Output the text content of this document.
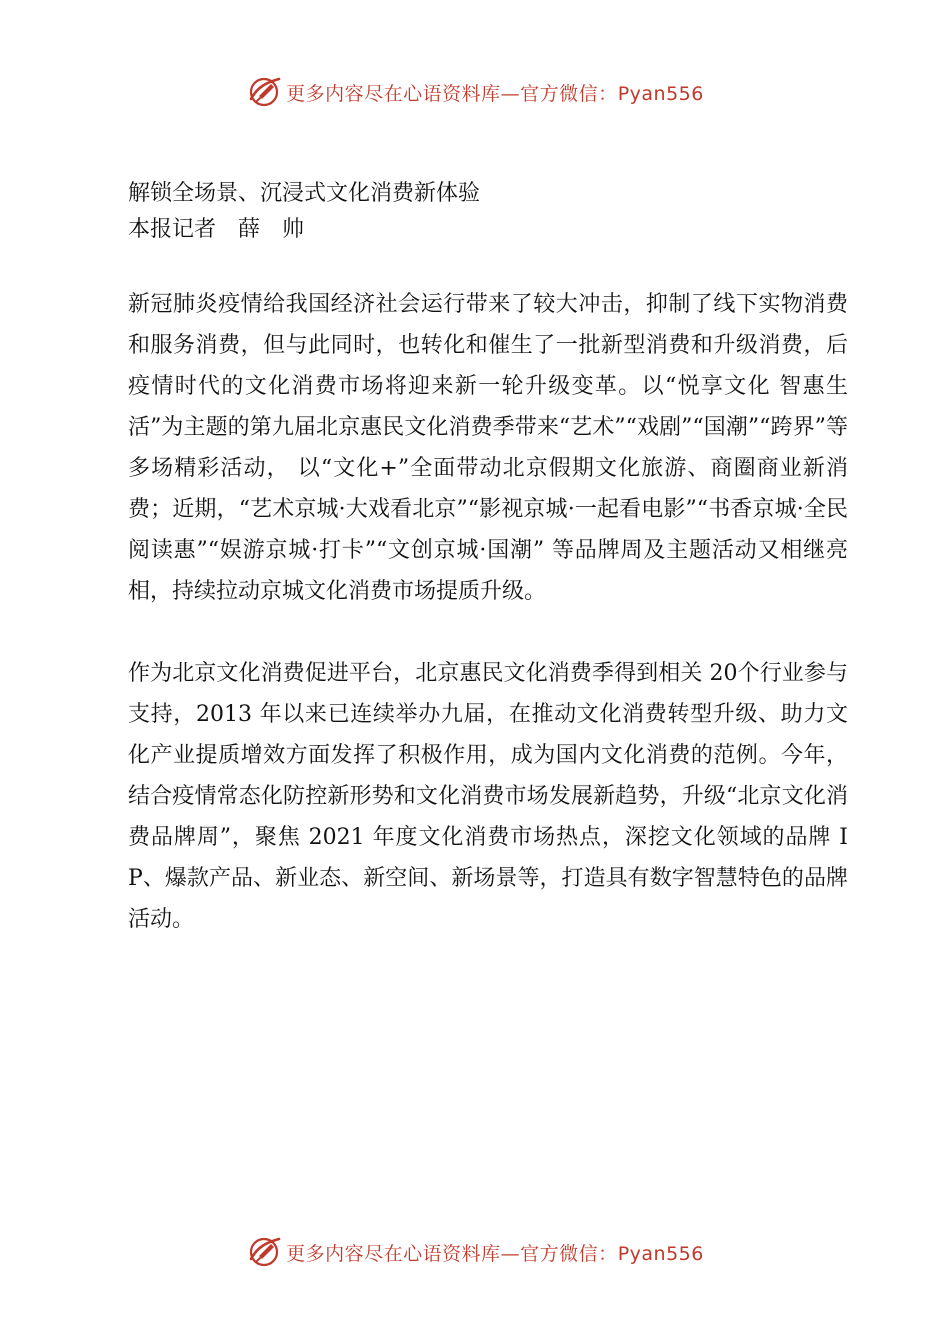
更多内容尽在心语资料库—官方微信：Pyan556

解锁全场景、沉浸式文化消费新体验

本报记者　薛　帅

新冠肺炎疫情给我国经济社会运行带来了较大冲击，抑制了线下实物消费和服务消费，但与此同时，也转化和催生了一批新型消费和升级消费，后疫情时代的文化消费市场将迎来新一轮升级变革。以“悦享文化 智惠生活”为主题的第九届北京惠民文化消费季带来“艺术”“戏剧”“国潮”“跨界”等多场精彩活动， 以“文化+”全面带动北京假期文化旅游、商圈商业新消费；近期，“艺术京城·大戏看北京”“影视京城·一起看电影”“书香京城·全民阅读惠”“娱游京城·打卡”“文创京城·国潮” 等品牌周及主题活动又相继亮相，持续拉动京城文化消费市场提质升级。

作为北京文化消费促进平台，北京惠民文化消费季得到相关 20个行业参与支持，2013 年以来已连续举办九届，在推动文化消费转型升级、助力文化产业提质增效方面发挥了积极作用，成为国内文化消费的范例。今年，结合疫情常态化防控新形势和文化消费市场发展新趋势，升级“北京文化消费品牌周”，聚焦 2021 年度文化消费市场热点，深挖文化领域的品牌 IP、爆款产品、新业态、新空间、新场景等，打造具有数字智慧特色的品牌活动。

更多内容尽在心语资料库—官方微信：Pyan556
